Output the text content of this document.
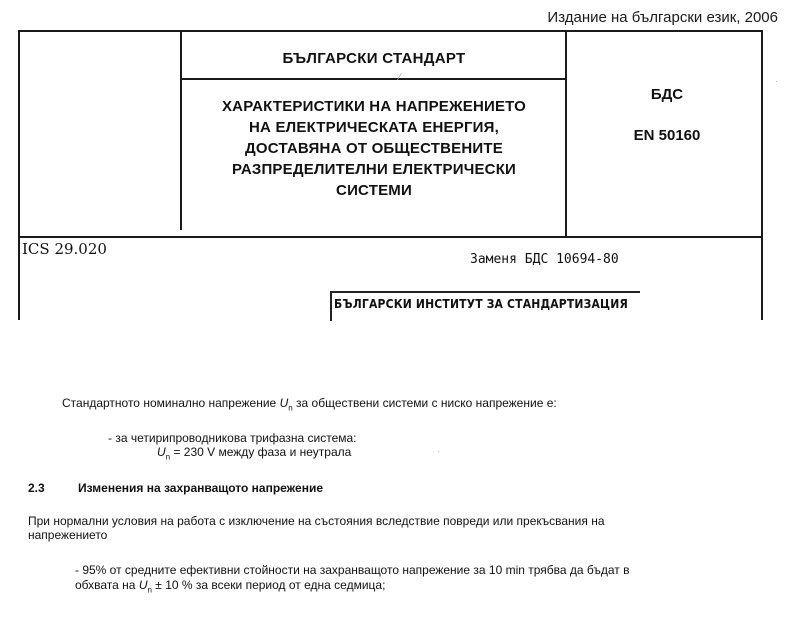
Издание на български език, 2006
БЪЛГАРСКИ СТАНДАРТ
ХАРАКТЕРИСТИКИ НА НАПРЕЖЕНИЕТО
НА ЕЛЕКТРИЧЕСКАТА ЕНЕРГИЯ,
ДОСТАВЯНА ОТ ОБЩЕСТВЕНИТЕ
РАЗПРЕДЕЛИТЕЛНИ ЕЛЕКТРИЧЕСКИ
СИСТЕМИ
БДС
EN 50160
ICS 29.020
Заменя БДС 10694-80
БЪЛГАРСКИ ИНСТИТУТ ЗА СТАНДАРТИЗАЦИЯ
⁄	·
·
Стандартното номинално напрежение $U_n$ за обществени системи с ниско напрежение е:
- за четирипроводникова трифазна система:
$U_n = 230$ V между фаза и неутрала
2.3	Изменения на захранващото напрежение
При нормални условия на работа с изключение на състояния вследствие повреди или прекъсвания на
напрежението
- 95% от средните ефективни стойности на захранващото напрежение за 10 min трябва да бъдат в
обхвата на $U_n \pm 10$ % за всеки период от една седмица;
